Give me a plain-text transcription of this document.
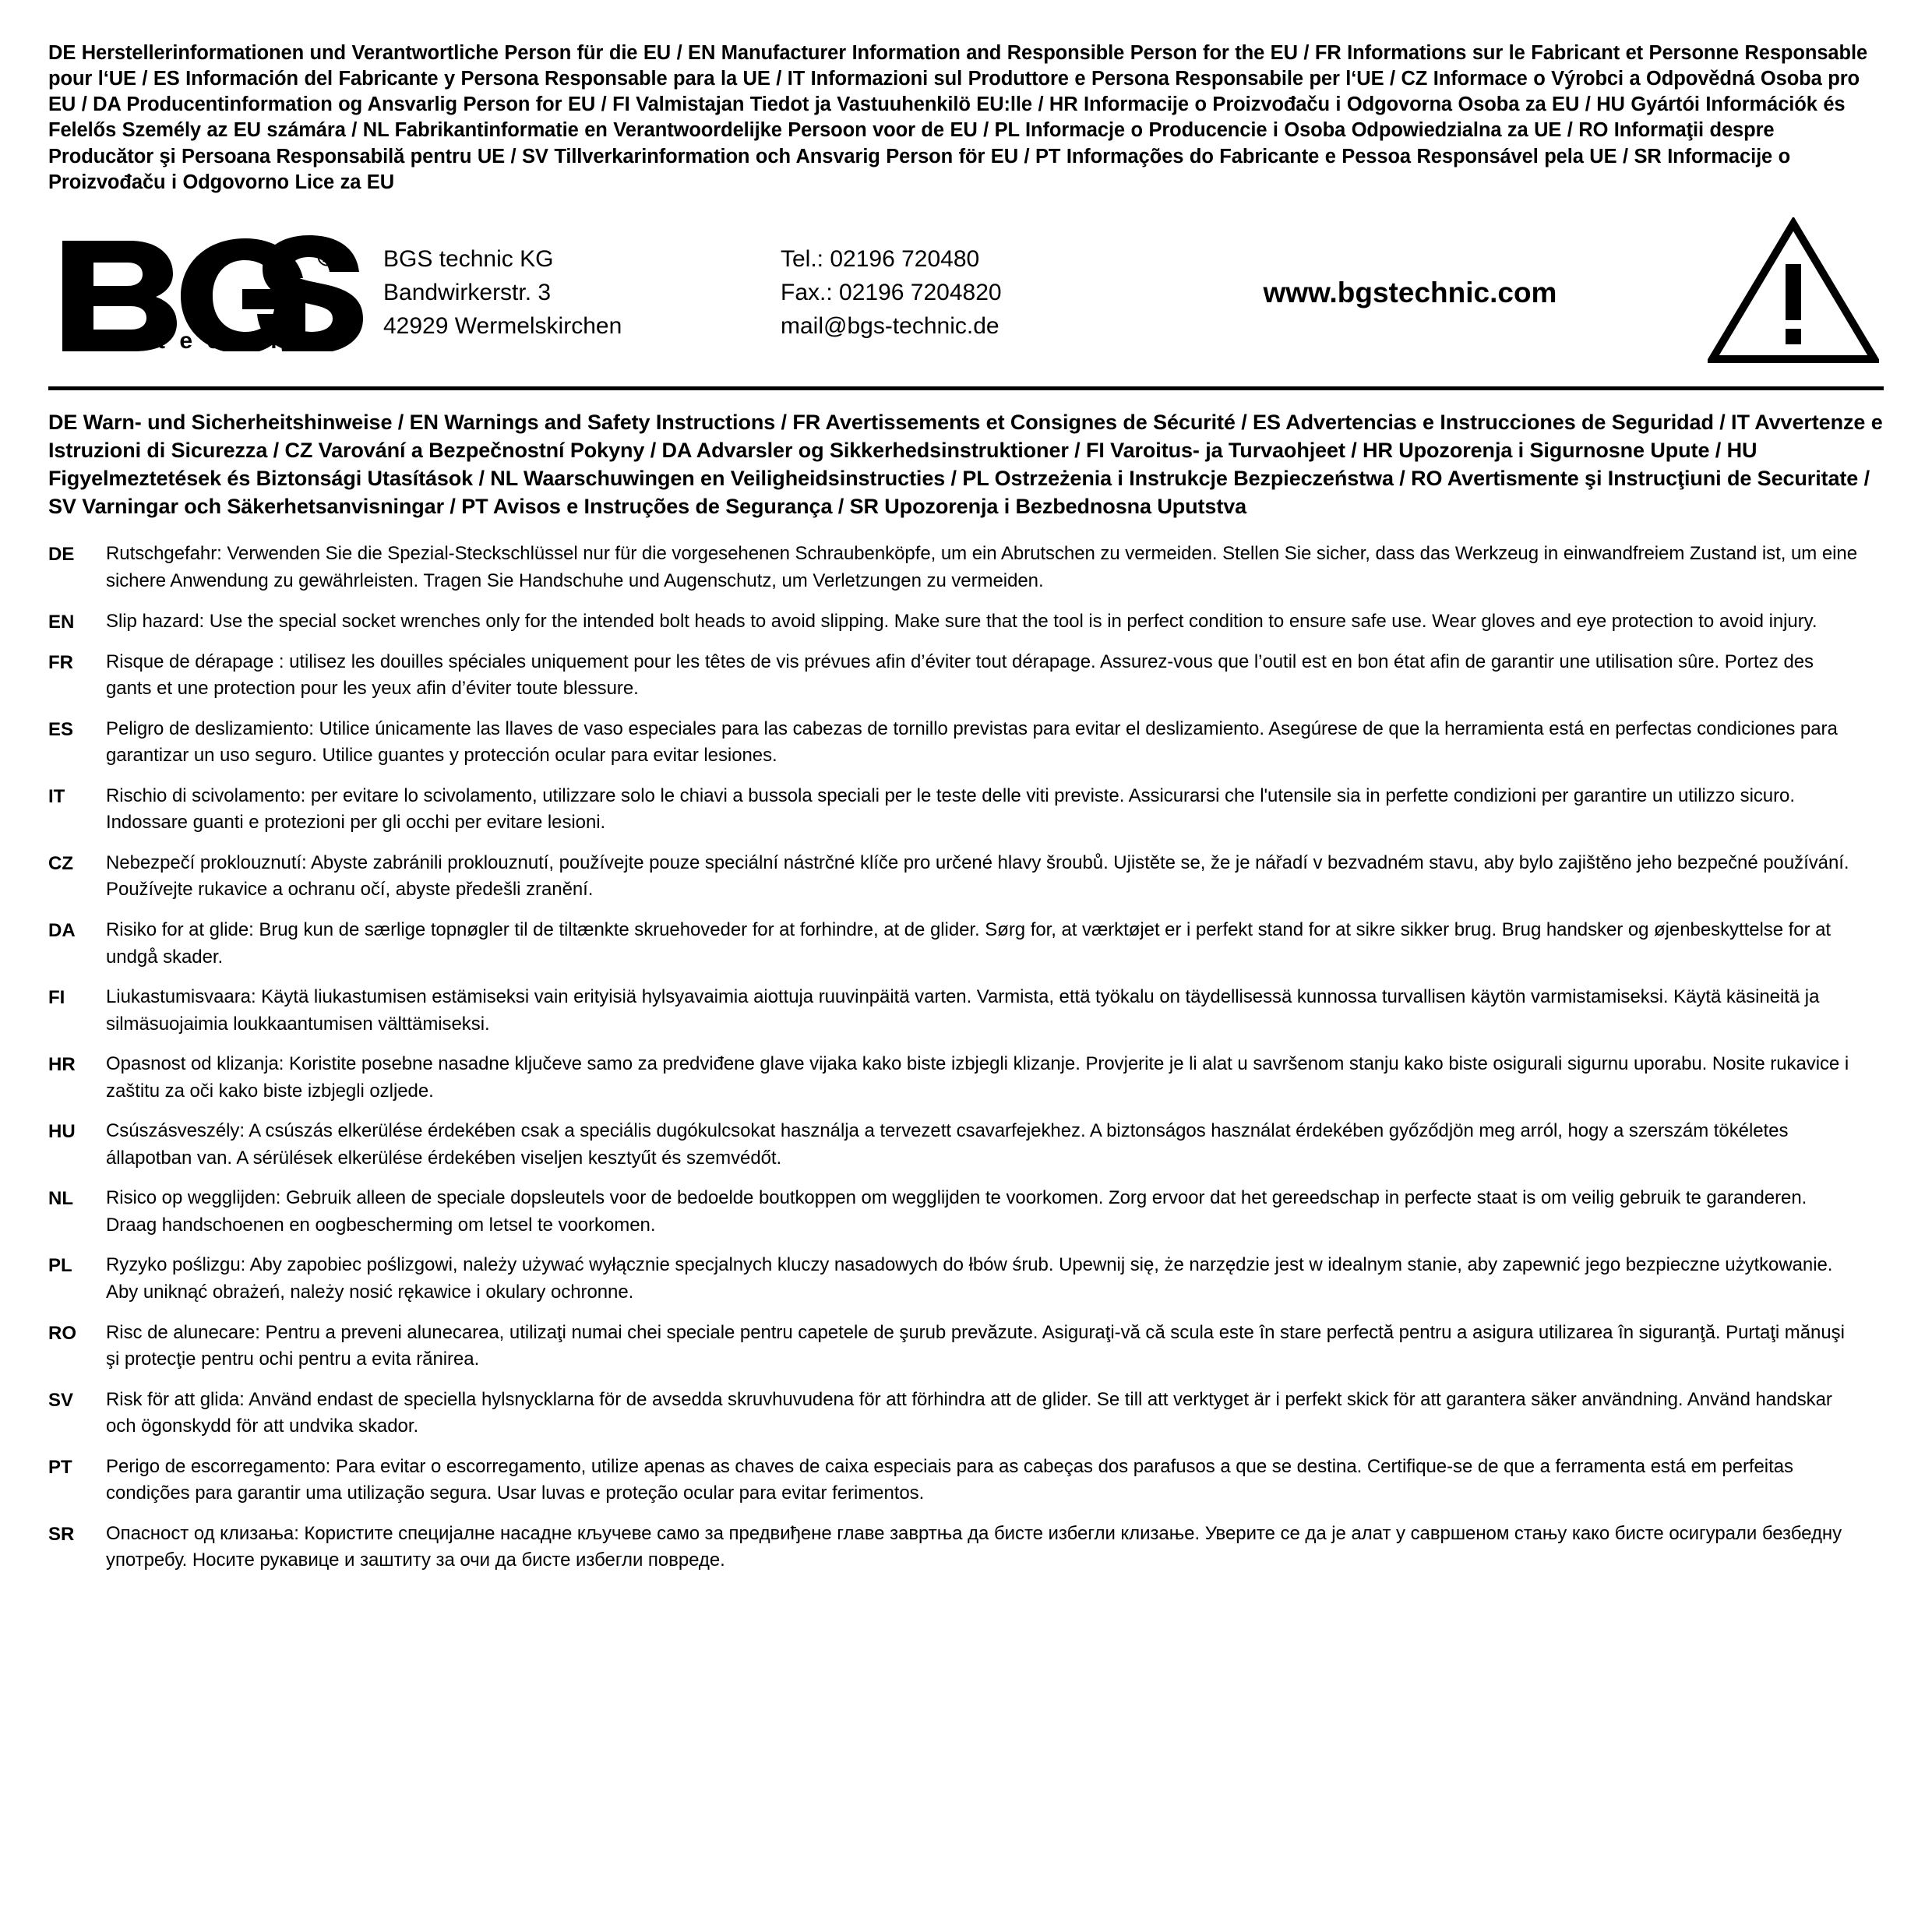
DE Herstellerinformationen und Verantwortliche Person für die EU / EN Manufacturer Information and Responsible Person for the EU / FR Informations sur le Fabricant et Personne Responsable pour l‘UE / ES Información del Fabricante y Persona Responsable para la UE / IT Informazioni sul Produttore e Persona Responsabile per l‘UE / CZ Informace o Výrobci a Odpovědná Osoba pro EU / DA Producentinformation og Ansvarlig Person for EU / FI Valmistajan Tiedot ja Vastuuhenkilö EU:lle / HR Informacije o Proizvođaču i Odgovorna Osoba za EU / HU Gyártói Információk és Felelős Személy az EU számára / NL Fabrikantinformatie en Verantwoordelijke Persoon voor de EU / PL Informacje o Producencie i Osoba Odpowiedzialna za UE / RO Informaţii despre Producător şi Persoana Responsabilă pentru UE / SV Tillverkarinformation och Ansvarig Person för EU / PT Informações do Fabricante e Pessoa Responsável pela UE / SR Informacije o Proizvođaču i Odgovorno Lice za EU
®
t e c h n i c
BGS technic KG
Bandwirkerstr. 3
42929 Wermelskirchen
Tel.: 02196 720480
Fax.: 02196 7204820
mail@bgs-technic.de
www.bgstechnic.com
DE Warn- und Sicherheitshinweise / EN Warnings and Safety Instructions / FR Avertissements et Consignes de Sécurité / ES Advertencias e Instrucciones de Seguridad / IT Avvertenze e Istruzioni di Sicurezza / CZ Varování a Bezpečnostní Pokyny / DA Advarsler og Sikkerhedsinstruktioner / FI Varoitus- ja Turvaohjeet / HR Upozorenja i Sigurnosne Upute / HU Figyelmeztetések és Biztonsági Utasítások / NL Waarschuwingen en Veiligheidsinstructies / PL Ostrzeżenia i Instrukcje Bezpieczeństwa / RO Avertismente şi Instrucţiuni de Securitate / SV Varningar och Säkerhetsanvisningar / PT Avisos e Instruções de Segurança / SR Upozorenja i Bezbednosna Uputstva
DE	Rutschgefahr: Verwenden Sie die Spezial-Steckschlüssel nur für die vorgesehenen Schraubenköpfe, um ein Abrutschen zu vermeiden. Stellen Sie sicher, dass das Werkzeug in einwandfreiem Zustand ist, um eine sichere Anwendung zu gewährleisten. Tragen Sie Handschuhe und Augenschutz, um Verletzungen zu vermeiden.
EN	Slip hazard: Use the special socket wrenches only for the intended bolt heads to avoid slipping. Make sure that the tool is in perfect condition to ensure safe use. Wear gloves and eye protection to avoid injury.
FR	Risque de dérapage : utilisez les douilles spéciales uniquement pour les têtes de vis prévues afin d’éviter tout dérapage. Assurez-vous que l’outil est en bon état afin de garantir une utilisation sûre. Portez des gants et une protection pour les yeux afin d’éviter toute blessure.
ES	Peligro de deslizamiento: Utilice únicamente las llaves de vaso especiales para las cabezas de tornillo previstas para evitar el deslizamiento. Asegúrese de que la herramienta está en perfectas condiciones para garantizar un uso seguro. Utilice guantes y protección ocular para evitar lesiones.
IT	Rischio di scivolamento: per evitare lo scivolamento, utilizzare solo le chiavi a bussola speciali per le teste delle viti previste. Assicurarsi che l'utensile sia in perfette condizioni per garantire un utilizzo sicuro. Indossare guanti e protezioni per gli occhi per evitare lesioni.
CZ	Nebezpečí proklouznutí: Abyste zabránili proklouznutí, používejte pouze speciální nástrčné klíče pro určené hlavy šroubů. Ujistěte se, že je nářadí v bezvadném stavu, aby bylo zajištěno jeho bezpečné používání. Používejte rukavice a ochranu očí, abyste předešli zranění.
DA	Risiko for at glide: Brug kun de særlige topnøgler til de tiltænkte skruehoveder for at forhindre, at de glider. Sørg for, at værktøjet er i perfekt stand for at sikre sikker brug. Brug handsker og øjenbeskyttelse for at undgå skader.
FI	Liukastumisvaara: Käytä liukastumisen estämiseksi vain erityisiä hylsyavaimia aiottuja ruuvinpäitä varten. Varmista, että työkalu on täydellisessä kunnossa turvallisen käytön varmistamiseksi. Käytä käsineitä ja silmäsuojaimia loukkaantumisen välttämiseksi.
HR	Opasnost od klizanja: Koristite posebne nasadne ključeve samo za predviđene glave vijaka kako biste izbjegli klizanje. Provjerite je li alat u savršenom stanju kako biste osigurali sigurnu uporabu. Nosite rukavice i zaštitu za oči kako biste izbjegli ozljede.
HU	Csúszásveszély: A csúszás elkerülése érdekében csak a speciális dugókulcsokat használja a tervezett csavarfejekhez. A biztonságos használat érdekében győződjön meg arról, hogy a szerszám tökéletes állapotban van. A sérülések elkerülése érdekében viseljen kesztyűt és szemvédőt.
NL	Risico op wegglijden: Gebruik alleen de speciale dopsleutels voor de bedoelde boutkoppen om wegglijden te voorkomen. Zorg ervoor dat het gereedschap in perfecte staat is om veilig gebruik te garanderen. Draag handschoenen en oogbescherming om letsel te voorkomen.
PL	Ryzyko poślizgu: Aby zapobiec poślizgowi, należy używać wyłącznie specjalnych kluczy nasadowych do łbów śrub. Upewnij się, że narzędzie jest w idealnym stanie, aby zapewnić jego bezpieczne użytkowanie. Aby uniknąć obrażeń, należy nosić rękawice i okulary ochronne.
RO	Risc de alunecare: Pentru a preveni alunecarea, utilizaţi numai chei speciale pentru capetele de şurub prevăzute. Asiguraţi-vă că scula este în stare perfectă pentru a asigura utilizarea în siguranţă. Purtaţi mănuşi şi protecţie pentru ochi pentru a evita rănirea.
SV	Risk för att glida: Använd endast de speciella hylsnycklarna för de avsedda skruvhuvudena för att förhindra att de glider. Se till att verktyget är i perfekt skick för att garantera säker användning. Använd handskar och ögonskydd för att undvika skador.
PT	Perigo de escorregamento: Para evitar o escorregamento, utilize apenas as chaves de caixa especiais para as cabeças dos parafusos a que se destina. Certifique-se de que a ferramenta está em perfeitas condições para garantir uma utilização segura. Usar luvas e proteção ocular para evitar ferimentos.
SR	Опасност од клизања: Користите специјалне насадне кључеве само за предвиђене главе завртња да бисте избегли клизање. Уверите се да је алат у савршеном стању како бисте осигурали безбедну употребу. Носите рукавице и заштиту за очи да бисте избегли повреде.
